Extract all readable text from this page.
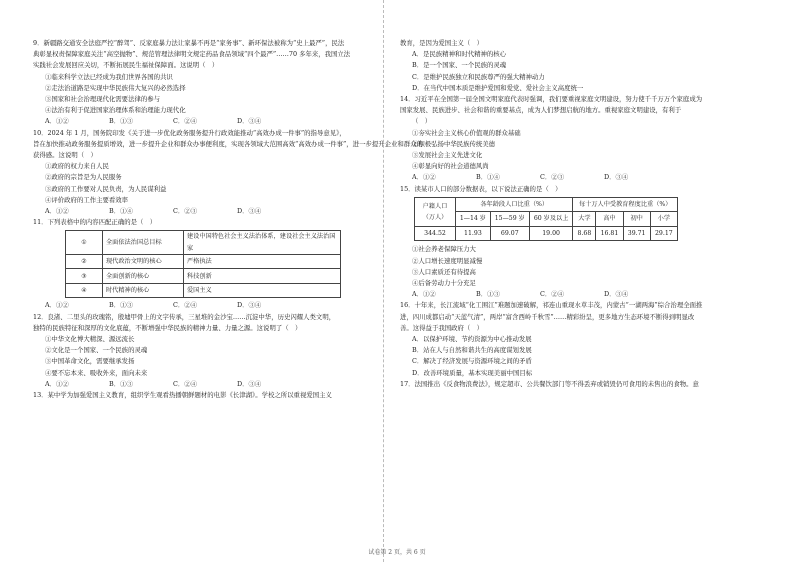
9．新疆路交通安全法庭严控“醉驾”、反家庭暴力法让家暴不再是“家务事”、新环保法被称为“史上最严”，民法
典彰显权责保障家庭关注“高空抛物”、规范管理法律明文规定药品食品领域“四个最严”……70 多年来，我国立法
实践社会发展回应关切，不断拓展民生福祉保障面。这说明（　）
①临来科学立法已经成为我们世界各国的共识
②走法治道路是实现中华民族伟大复兴的必然选择
③国家和社会治理现代化需要法律的参与
④法治有利于促进国家治理体系和治理能力现代化
A．①②	B．①③	C．②④	D．③④
10．2024 年 1 月，国务院印发《关于进一步优化政务服务提升行政效能推动“高效办成一件事”的指导意见》，
旨在加快推动政务服务提质增效，进一步提升企业和群众办事便利度，实现各领域大范围高效“高效办成一件事”，进一步提升企业和群众的
获得感。这说明（　）
①政府的权力来自人民
②政府的宗旨是为人民服务
③政府的工作要对人民负责，为人民谋利益
④评价政府的工作主要看效率
A．①②	B．①④	C．②③	D．③④
11．下列表格中的内容匹配正确的是（　）
①	全面依法治国总目标	建设中国特色社会主义法治体系，建设社会主义法治国家
②	现代政治文明的核心	严格执法
③	全面创新的核心	科技创新
④	时代精神的核心	爱国主义
A．①②	B．①③	C．②④	D．③④
12．良渚、二里头的玫瑰铭，殷墟甲骨上的文字传承，三星堆的金沙宝……沉淀中华，历史闪耀人类文明，
独特的民族特征和深厚的文化底蕴，不断增强中华民族的精神力量、力量之源。这说明了（　）
①中华文化博大精深、源远流长
②文化是一个国家、一个民族的灵魂
③中国革命文化，需要继承发扬
④要不忘本来、吸收外来，面向未来
A．①②	B．①③	C．②④	D．③④
13．某中学为加强爱国主义教育，组织学生观看热播朝鲜题材的电影《长津湖》。学校之所以重视爱国主义
教育，是因为爱国主义（　）
A．是民族精神和时代精神的核心
B．是一个国家、一个民族的灵魂
C．是维护民族独立和民族尊严的强大精神动力
D．在当代中国本质是维护爱国和爱党、爱社会主义高度统一
14．习近平在全国第一届全国文明家庭代表时强调，我们要重视家庭文明建设，努力使千千万万个家庭成为
国家发展、民族进步、社会和谐的重要基点，成为人们梦想启航的地方。重视家庭文明建设，有利于
（　）
①夯实社会主义核心价值观的群众基础
②积极弘扬中华民族传统美德
③发展社会主义先进文化
④彰显向好的社会道德风尚
A．①②	B．①④	C．②③	D．③④
15．读某市人口的部分数据表，以下说法正确的是（　）
户籍人口（万人）	各年龄段人口比重（%）			每十万人中受教育程度比重（%）			
	1—14 岁	15—59 岁	60 岁及以上	大学	高中	初中	小学
344.52	11.93	69.07	19.00	8.68	16.81	39.71	29.17
①社会养老保障压力大
②人口增长速度明显减慢
③人口素质还有待提高
④后备劳动力十分充足
A．①②	B．①③	C．②④	D．③④
16．十年来，长江流域“化工围江”难题加速破解，祁连山重现水草丰茂，内蒙古“一湖两海”综合治理全面推
进，四川成都启动“天蓝气清”，两岸“富含西岭千秋雪”……精彩纷呈，更多地方生态环境不断得到明显改
善。这得益于我国政府（　）
A．以保护环境、节约资源为中心推动发展
B．站在人与自然和谐共生的高度谋划发展
C．解决了经济发展与资源环境之间的矛盾
D．改善环境质量，基本实现美丽中国目标
17．法国推出《反食物浪费法》，规定超市、公共餐饮部门等不得丢弃或销毁仍可食用的未售出的食物。意
试卷第 2 页，共 6 页
